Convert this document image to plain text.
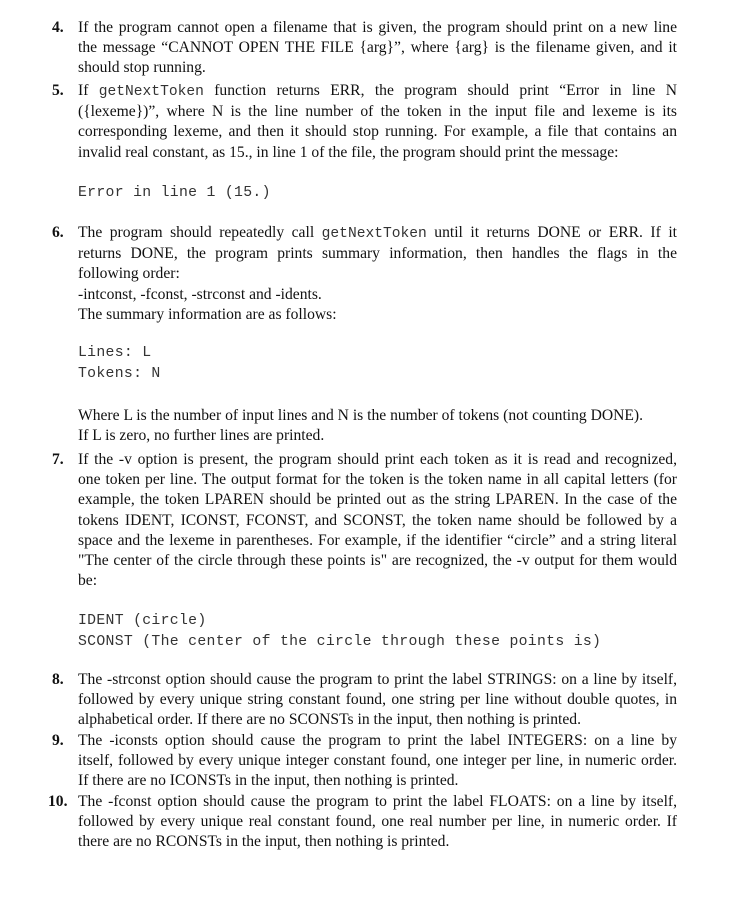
4. If the program cannot open a filename that is given, the program should print on a new line
the message “CANNOT OPEN THE FILE {arg}”, where {arg} is the filename given, and it
should stop running.
5. If getNextToken function returns ERR, the program should print “Error in line N
({lexeme})”, where N is the line number of the token in the input file and lexeme is its
corresponding lexeme, and then it should stop running. For example, a file that contains an
invalid real constant, as 15., in line 1 of the file, the program should print the message:
Error in line 1 (15.)
6. The program should repeatedly call getNextToken until it returns DONE or ERR. If it
returns DONE, the program prints summary information, then handles the flags in the
following order:
-intconst, -fconst, -strconst and -idents.
The summary information are as follows:
Lines: L
Tokens: N
Where L is the number of input lines and N is the number of tokens (not counting DONE).
If L is zero, no further lines are printed.
7. If the -v option is present, the program should print each token as it is read and recognized,
one token per line. The output format for the token is the token name in all capital letters (for
example, the token LPAREN should be printed out as the string LPAREN. In the case of the
tokens IDENT, ICONST, FCONST, and SCONST, the token name should be followed by a
space and the lexeme in parentheses. For example, if the identifier “circle” and a string literal
"The center of the circle through these points is" are recognized, the -v output for them would
be:
IDENT (circle)
SCONST (The center of the circle through these points is)
8. The -strconst option should cause the program to print the label STRINGS: on a line by itself,
followed by every unique string constant found, one string per line without double quotes, in
alphabetical order. If there are no SCONSTs in the input, then nothing is printed.
9. The -iconsts option should cause the program to print the label INTEGERS: on a line by
itself, followed by every unique integer constant found, one integer per line, in numeric order.
If there are no ICONSTs in the input, then nothing is printed.
10. The -fconst option should cause the program to print the label FLOATS: on a line by itself,
followed by every unique real constant found, one real number per line, in numeric order. If
there are no RCONSTs in the input, then nothing is printed.
